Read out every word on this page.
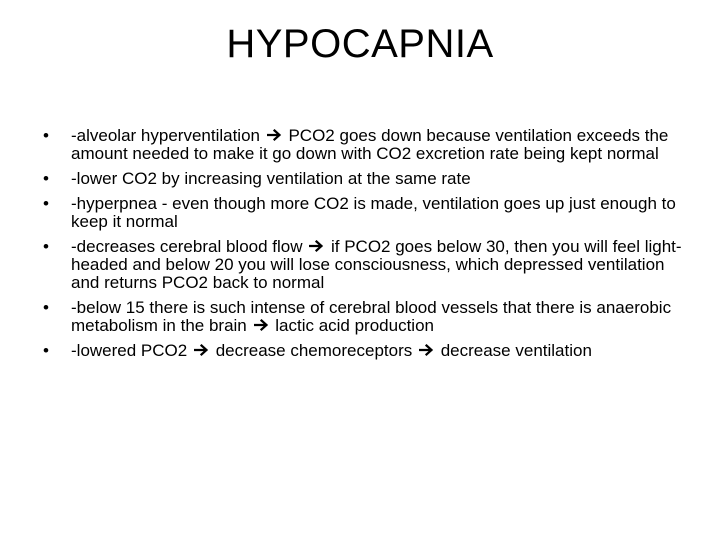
HYPOCAPNIA
•	-alveolar hyperventilation PCO2 goes down because ventilation exceeds the amount needed to make it go down with CO2 excretion rate being kept normal
•	-lower CO2 by increasing ventilation at the same rate
•	-hyperpnea - even though more CO2 is made, ventilation goes up just enough to keep it normal
•	-decreases cerebral blood flow if PCO2 goes below 30, then you will feel light-headed and below 20 you will lose consciousness, which depressed ventilation and returns PCO2 back to normal
•	-below 15 there is such intense of cerebral blood vessels that there is anaerobic metabolism in the brain lactic acid production
•	-lowered PCO2 decrease chemoreceptors decrease ventilation
